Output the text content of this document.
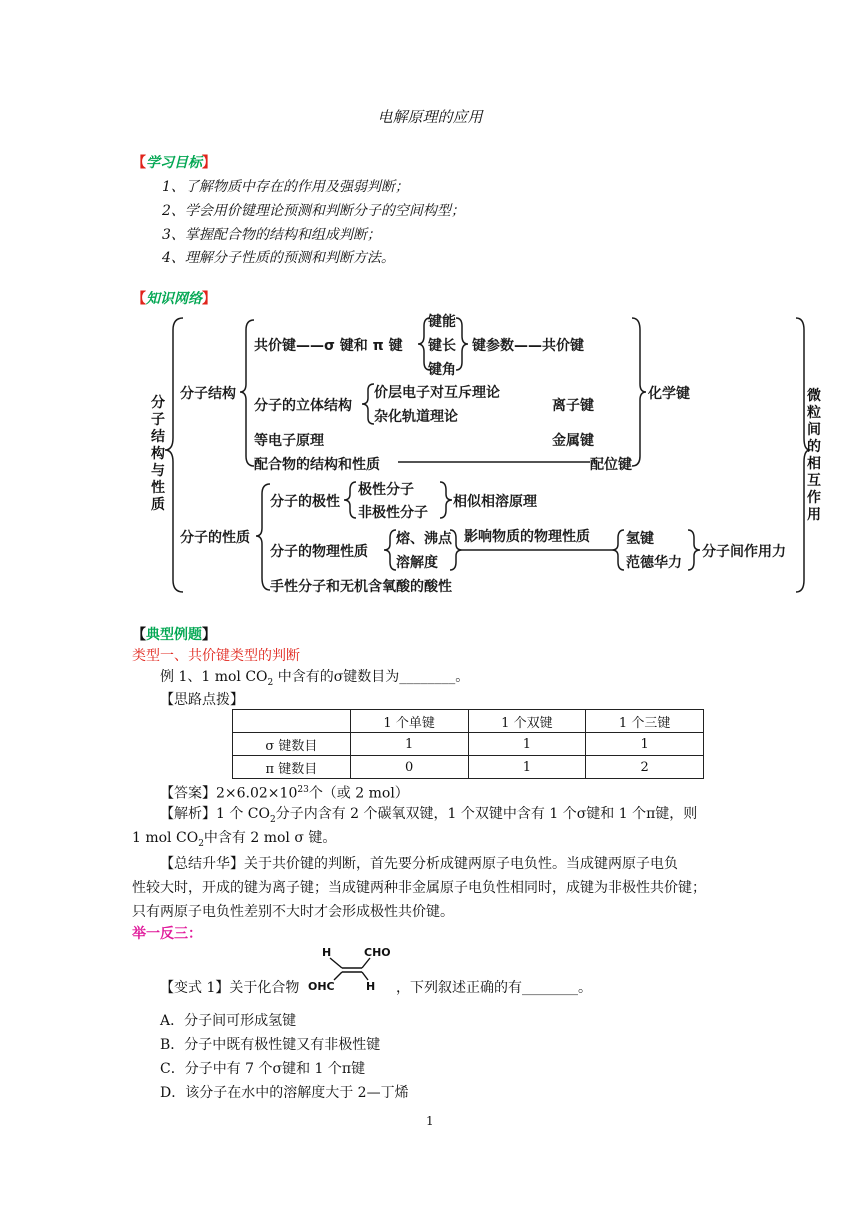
电解原理的应用
【学习目标】
1、了解物质中存在的作用及强弱判断；
2、学会用价键理论预测和判断分子的空间构型；
3、掌握配合物的结构和组成判断；
4、理解分子性质的预测和判断方法。
【知识网络】
分
子
结
构
与
性
质
微
粒
间
的
相
互
作
用
分子结构
共价键——σ 键和 π 键
键能
键长
键角
键参数——共价键
分子的立体结构
价层电子对互斥理论
杂化轨道理论
离子键
等电子原理	金属键
配合物的结构和性质	配位键
化学键
分子的性质
分子的极性
极性分子
非极性分子
相似相溶原理
分子的物理性质
熔、沸点
溶解度
影响物质的物理性质	氢键
范德华力
分子间作用力
手性分子和无机含氧酸的酸性
【典型例题】
类型一、共价键类型的判断
例 1、1 mol $CO_2$ 中含有的σ键数目为________。
【思路点拨】
	1 个单键	1 个双键	1 个三键
σ 键数目	1	1	1
π 键数目	0	1	2
【答案】$2\times 6.02\times 10^{23}$个（或 2 mol）
【解析】1 个 $CO_2$分子内含有 2 个碳氧双键，1 个双键中含有 1 个σ键和 1 个π键，则
1 mol $CO_2$中含有 2 mol σ 键。
【总结升华】关于共价键的判断，首先要分析成键两原子电负性。当成键两原子电负
性较大时，开成的键为离子键；当成键两种非金属原子电负性相同时，成键为非极性共价键；
只有两原子电负性差别不大时才会形成极性共价键。
举一反三：
H	CHO
OHC	H
【变式 1】关于化合物	，下列叙述正确的有________。
A．分子间可形成氢键
B．分子中既有极性键又有非极性键
C．分子中有 7 个σ键和 1 个π键
D．该分子在水中的溶解度大于 2—丁烯
1
